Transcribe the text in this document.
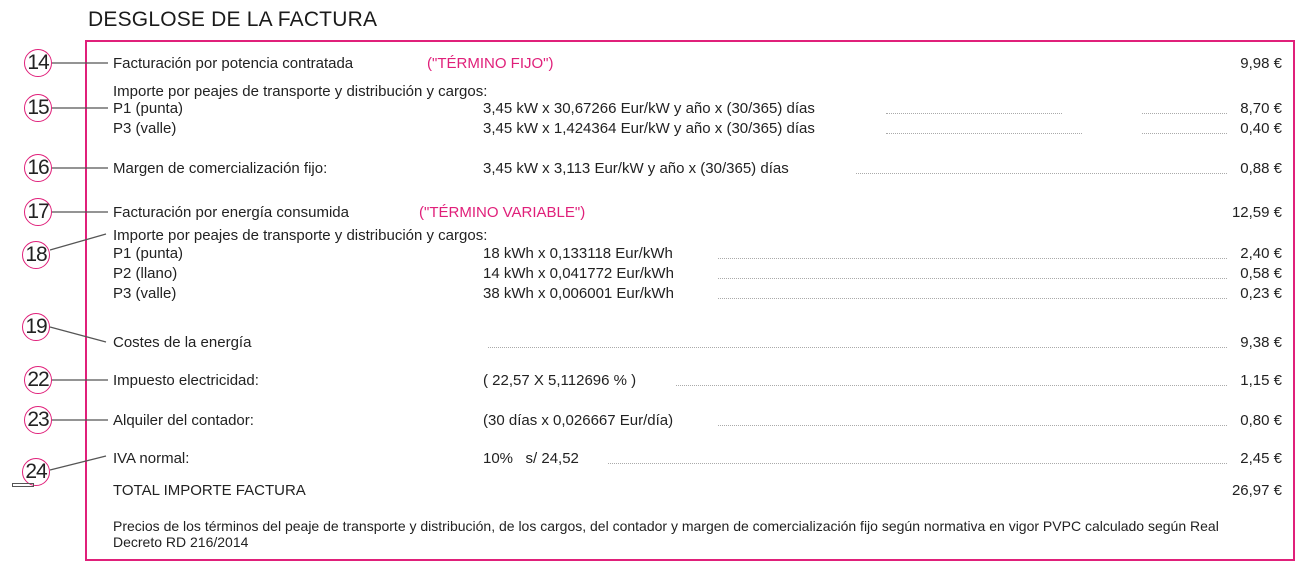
DESGLOSE DE LA FACTURA
14
15
16
17
18
19
22
23
24
Facturación por potencia contratada	("TÉRMINO FIJO")	9,98 €
Importe por peajes de transporte y distribución y cargos:
P1 (punta)	3,45 kW x 30,67266 Eur/kW y año x (30/365) días	8,70 €
P3 (valle)	3,45 kW x 1,424364 Eur/kW y año x (30/365) días	0,40 €
Margen de comercialización fijo:	3,45 kW x 3,113 Eur/kW y año x (30/365) días	0,88 €
Facturación por energía consumida	("TÉRMINO VARIABLE")	12,59 €
Importe por peajes de transporte y distribución y cargos:
P1 (punta)	18 kWh x 0,133118 Eur/kWh	2,40 €
P2 (llano)	14 kWh x 0,041772 Eur/kWh	0,58 €
P3 (valle)	38 kWh x 0,006001 Eur/kWh	0,23 €
Costes de la energía	9,38 €
Impuesto electricidad:	( 22,57 X 5,112696 % )	1,15 €
Alquiler del contador:	(30 días x 0,026667 Eur/día)	0,80 €
IVA normal:	10%   s/ 24,52	2,45 €
TOTAL IMPORTE FACTURA	26,97 €
Precios de los términos del peaje de transporte y distribución, de los cargos, del contador y margen de comercialización fijo según normativa en vigor PVPC calculado según Real Decreto RD 216/2014
